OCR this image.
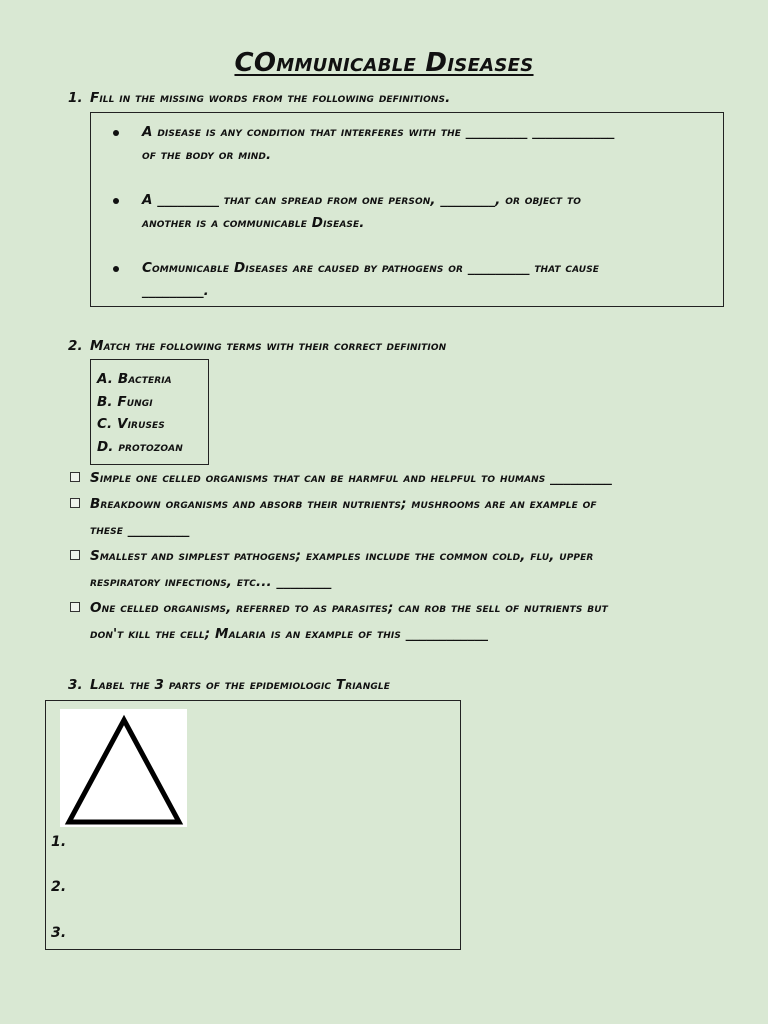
COmmunicable Diseases
1. Fill in the missing words from the following definitions.
A disease is any condition that interferes with the _________ ____________
of the body or mind.
A _________ that can spread from one person, ________, or object to
another is a communicable Disease.
Communicable Diseases are caused by pathogens or _________ that cause
_________.
2. Match the following terms with their correct definition
A. Bacteria
B. Fungi
C. Viruses
D. protozoan
Simple one celled organisms that can be harmful and helpful to humans _________
Breakdown organisms and absorb their nutrients; mushrooms are an example of
these _________
Smallest and simplest pathogens; examples include the common cold, flu, upper
respiratory infections, etc... ________
One celled organisms, referred to as parasites; can rob the sell of nutrients but
don't kill the cell; Malaria is an example of this ____________
3. Label the 3 parts of the epidemiologic Triangle
1.
2.
3.
